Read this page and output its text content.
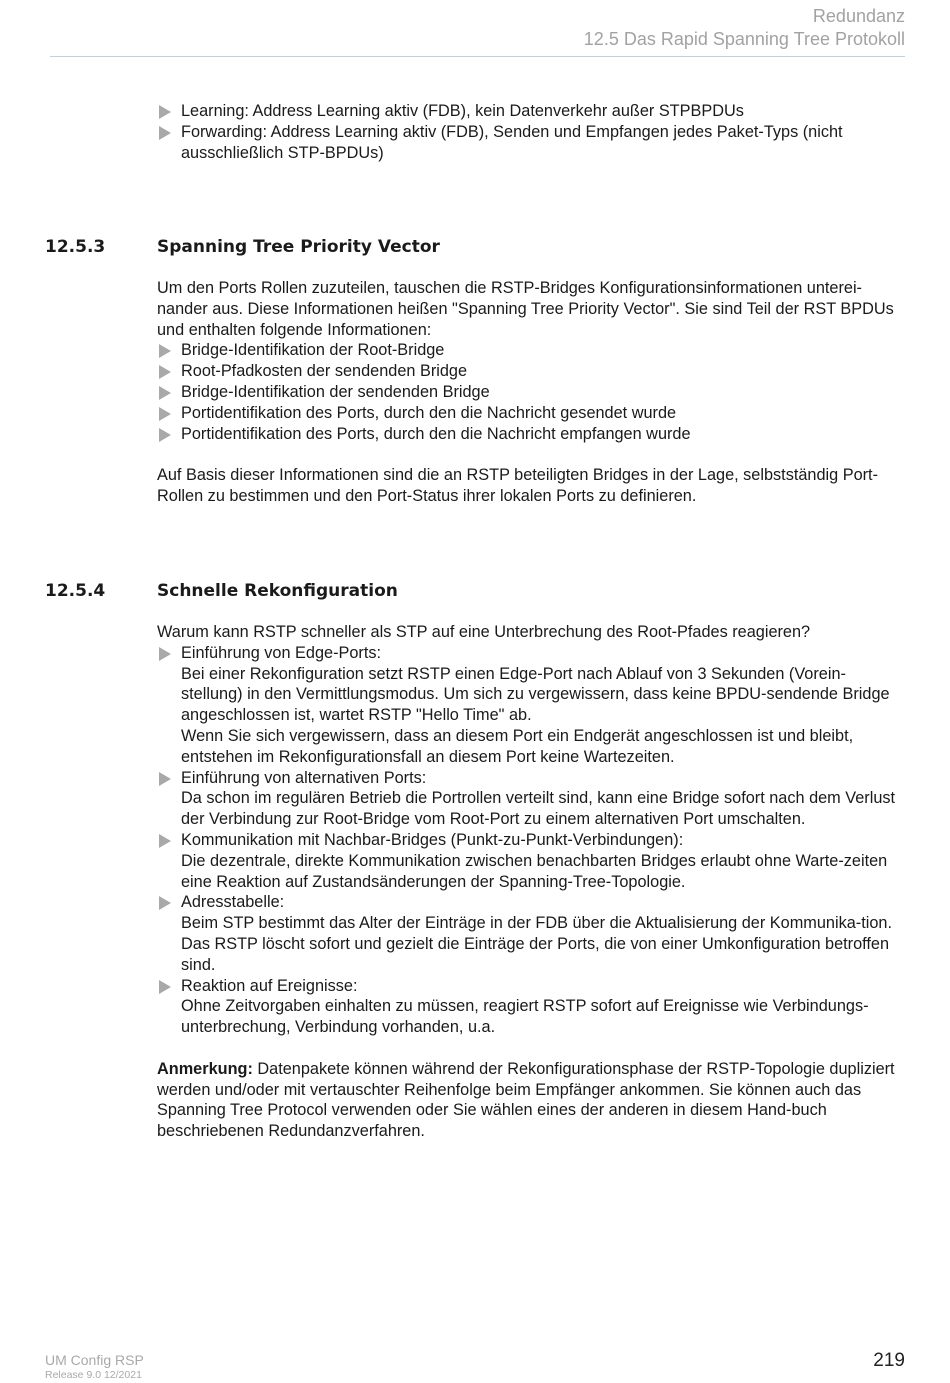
Redundanz
12.5 Das Rapid Spanning Tree Protokoll
Learning: Address Learning aktiv (FDB), kein Datenverkehr außer STPBPDUs
Forwarding: Address Learning aktiv (FDB), Senden und Empfangen jedes Paket-Typs (nicht ausschließlich STP-BPDUs)
12.5.3	Spanning Tree Priority Vector

Um den Ports Rollen zuzuteilen, tauschen die RSTP-Bridges Konfigurationsinformationen unterei-nander aus. Diese Informationen heißen "Spanning Tree Priority Vector". Sie sind Teil der RST BPDUs und enthalten folgende Informationen:

Bridge-Identifikation der Root-Bridge
Root-Pfadkosten der sendenden Bridge
Bridge-Identifikation der sendenden Bridge
Portidentifikation des Ports, durch den die Nachricht gesendet wurde
Portidentifikation des Ports, durch den die Nachricht empfangen wurde

Auf Basis dieser Informationen sind die an RSTP beteiligten Bridges in der Lage, selbstständig Port-Rollen zu bestimmen und den Port-Status ihrer lokalen Ports zu definieren.

12.5.4	Schnelle Rekonfiguration

Warum kann RSTP schneller als STP auf eine Unterbrechung des Root-Pfades reagieren?

Einführung von Edge-Ports:
Bei einer Rekonfiguration setzt RSTP einen Edge-Port nach Ablauf von 3 Sekunden (Vorein-stellung) in den Vermittlungsmodus. Um sich zu vergewissern, dass keine BPDU-sendende Bridge angeschlossen ist, wartet RSTP "Hello Time" ab.
Wenn Sie sich vergewissern, dass an diesem Port ein Endgerät angeschlossen ist und bleibt, entstehen im Rekonfigurationsfall an diesem Port keine Wartezeiten.
Einführung von alternativen Ports:
Da schon im regulären Betrieb die Portrollen verteilt sind, kann eine Bridge sofort nach dem Verlust der Verbindung zur Root-Bridge vom Root-Port zu einem alternativen Port umschalten.
Kommunikation mit Nachbar-Bridges (Punkt-zu-Punkt-Verbindungen):
Die dezentrale, direkte Kommunikation zwischen benachbarten Bridges erlaubt ohne Warte-zeiten eine Reaktion auf Zustandsänderungen der Spanning-Tree-Topologie.
Adresstabelle:
Beim STP bestimmt das Alter der Einträge in der FDB über die Aktualisierung der Kommunika-tion. Das RSTP löscht sofort und gezielt die Einträge der Ports, die von einer Umkonfiguration betroffen sind.
Reaktion auf Ereignisse:
Ohne Zeitvorgaben einhalten zu müssen, reagiert RSTP sofort auf Ereignisse wie Verbindungs-unterbrechung, Verbindung vorhanden, u.a.

Anmerkung: Datenpakete können während der Rekonfigurationsphase der RSTP-Topologie dupliziert werden und/oder mit vertauschter Reihenfolge beim Empfänger ankommen. Sie können auch das Spanning Tree Protocol verwenden oder Sie wählen eines der anderen in diesem Hand-buch beschriebenen Redundanzverfahren.

UM Config RSP
Release 9.0 12/2021
219
